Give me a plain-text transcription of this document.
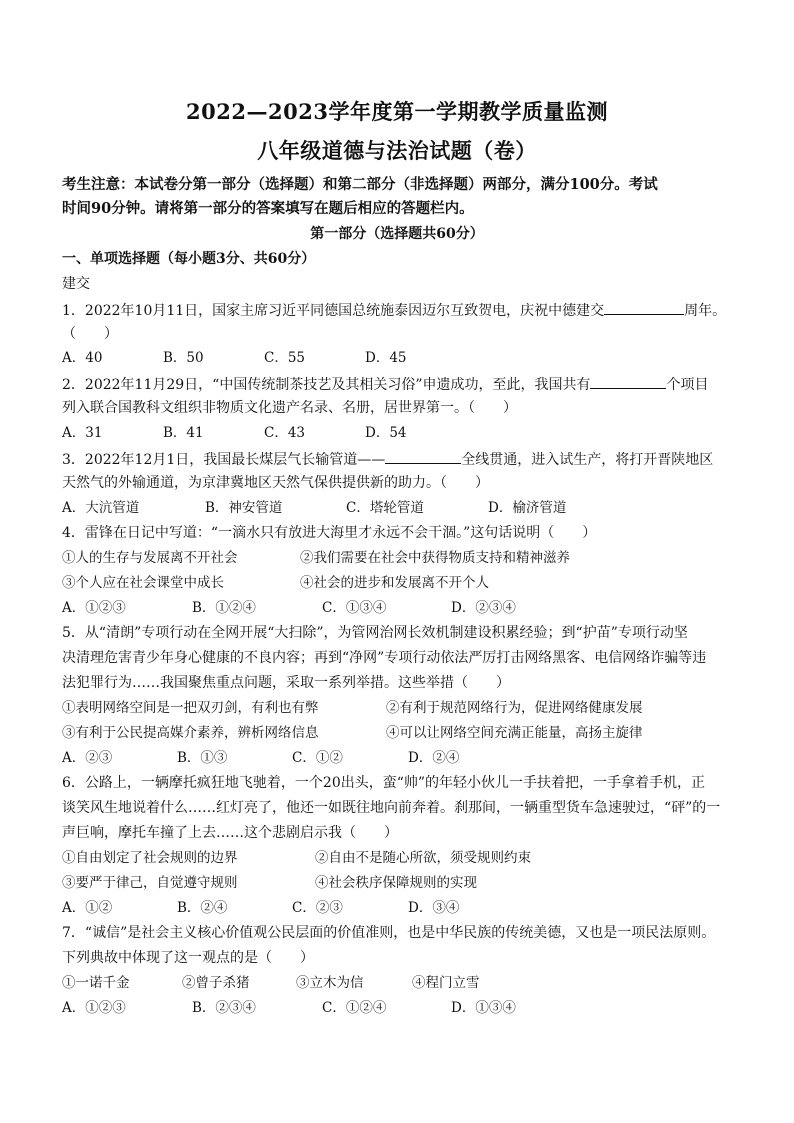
2022—2023学年度第一学期教学质量监测
八年级道德与法治试题（卷）
考生注意：本试卷分第一部分（选择题）和第二部分（非选择题）两部分，满分100分。考试
时间90分钟。请将第一部分的答案填写在题后相应的答题栏内。
第一部分（选择题共60分）
一、单项选择题（每小题3分、共60分）
建交
1．2022年10月11日，国家主席习近平同德国总统施泰因迈尔互致贺电，庆祝中德建交	周年。
（　　）
A．40	B．50	C．55	D．45
2．2022年11月29日，“中国传统制茶技艺及其相关习俗”申遗成功，至此，我国共有	个项目
列入联合国教科文组织非物质文化遗产名录、名册，居世界第一。（　　）
A．31	B．41	C．43	D．54
3．2022年12月1日，我国最长煤层气长输管道——	全线贯通，进入试生产，将打开晋陕地区
天然气的外输通道，为京津冀地区天然气保供提供新的助力。（　　）
A．大沆管道	B．神安管道	C．塔轮管道	D．榆济管道
4．雷锋在日记中写道：“一滴水只有放进大海里才永远不会干涸。”这句话说明（　　）
①人的生存与发展离不开社会	②我们需要在社会中获得物质支持和精神滋养
③个人应在社会课堂中成长	④社会的进步和发展离不开个人
A．①②③	B．①②④	C．①③④	D．②③④
5．从“清朗”专项行动在全网开展“大扫除”，为管网治网长效机制建设积累经验；到“护苗”专项行动坚
决清理危害青少年身心健康的不良内容；再到“净网”专项行动依法严厉打击网络黑客、电信网络诈骗等违
法犯罪行为……我国聚焦重点问题，采取一系列举措。这些举措（　　）
①表明网络空间是一把双刃剑，有利也有弊	②有利于规范网络行为，促进网络健康发展
③有利于公民提高媒介素养，辨析网络信息	④可以让网络空间充满正能量，高扬主旋律
A．②③	B．①③	C．①②	D．②④
6．公路上，一辆摩托疯狂地飞驰着，一个20出头，蛮“帅”的年轻小伙儿一手扶着把，一手拿着手机，正
谈笑风生地说着什么……红灯亮了，他还一如既往地向前奔着。刹那间，一辆重型货车急速驶过，“砰”的一
声巨响，摩托车撞了上去……这个悲剧启示我（　　）
①自由划定了社会规则的边界	②自由不是随心所欲，须受规则约束
③要严于律己，自觉遵守规则	④社会秩序保障规则的实现
A．①②	B．②④	C．②③	D．③④
7．“诚信”是社会主义核心价值观公民层面的价值准则，也是中华民族的传统美德，又也是一项民法原则。
下列典故中体现了这一观点的是（　　）
①一诺千金	②曾子杀猪	③立木为信	④程门立雪
A．①②③	B．②③④	C．①②④	D．①③④
